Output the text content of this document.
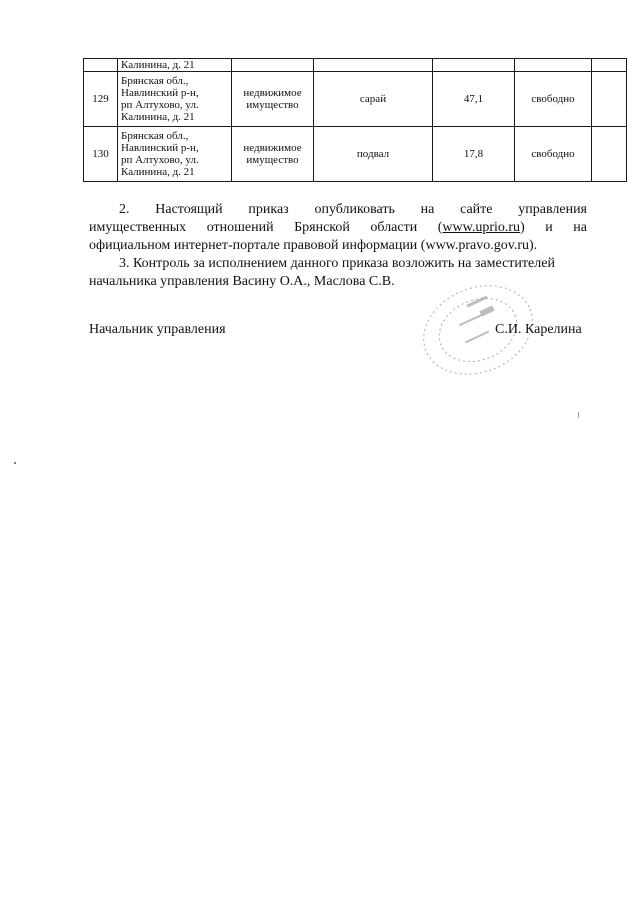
	Калинина, д. 21					
129	Брянская обл.,
Навлинский р-н,
рп Алтухово, ул.
Калинина, д. 21	недвижимое
имущество	сарай	47,1	свободно	
130	Брянская обл.,
Навлинский р-н,
рп Алтухово, ул.
Калинина, д. 21	недвижимое
имущество	подвал	17,8	свободно	

2. Настоящий приказ опубликовать на сайте управления

имущественных отношений Брянской области (www.uprio.ru) и на

официальном интернет-портале правовой информации (www.pravo.gov.ru).

3. Контроль за исполнением данного приказа возложить на заместителей

начальника управления Васину О.А., Маслова С.В.

Начальник управления	С.И. Карелина
